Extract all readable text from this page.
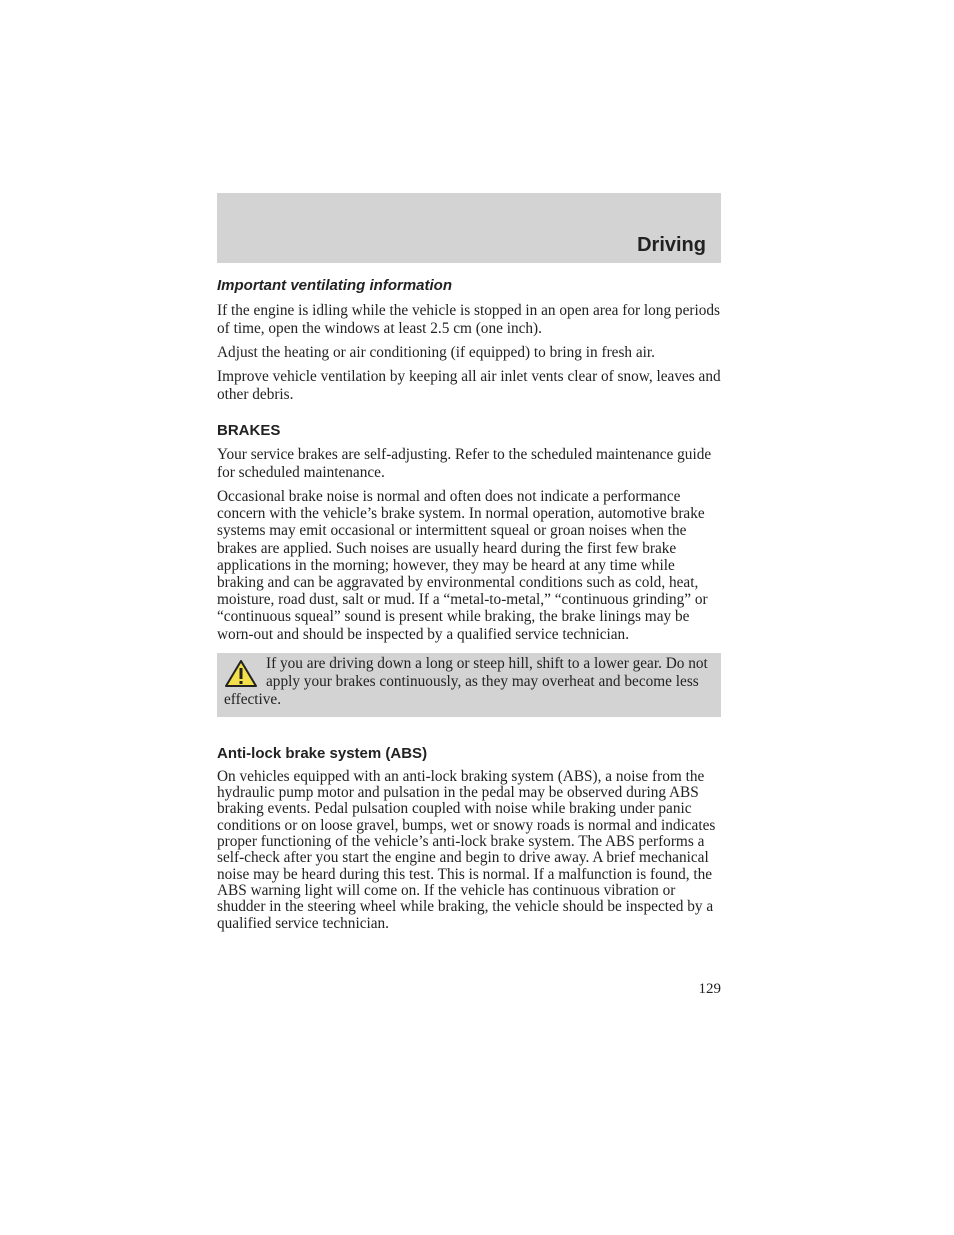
Driving
Important ventilating information

If the engine is idling while the vehicle is stopped in an open area for long periods of time, open the windows at least 2.5 cm (one inch).

Adjust the heating or air conditioning (if equipped) to bring in fresh air.

Improve vehicle ventilation by keeping all air inlet vents clear of snow, leaves and other debris.

BRAKES

Your service brakes are self-adjusting. Refer to the scheduled maintenance guide for scheduled maintenance.

Occasional brake noise is normal and often does not indicate a performance concern with the vehicle’s brake system. In normal operation, automotive brake systems may emit occasional or intermittent squeal or groan noises when the brakes are applied. Such noises are usually heard during the first few brake applications in the morning; however, they may be heard at any time while braking and can be aggravated by environmental conditions such as cold, heat, moisture, road dust, salt or mud. If a “metal-to-metal,” “continuous grinding” or “continuous squeal” sound is present while braking, the brake linings may be worn-out and should be inspected by a qualified service technician.

If you are driving down a long or steep hill, shift to a lower gear. Do not apply your brakes continuously, as they may overheat and become less effective.

Anti-lock brake system (ABS)

On vehicles equipped with an anti-lock braking system (ABS), a noise from the hydraulic pump motor and pulsation in the pedal may be observed during ABS braking events. Pedal pulsation coupled with noise while braking under panic conditions or on loose gravel, bumps, wet or snowy roads is normal and indicates proper functioning of the vehicle’s anti-lock brake system. The ABS performs a self-check after you start the engine and begin to drive away. A brief mechanical noise may be heard during this test. This is normal. If a malfunction is found, the ABS warning light will come on. If the vehicle has continuous vibration or shudder in the steering wheel while braking, the vehicle should be inspected by a qualified service technician.

129
